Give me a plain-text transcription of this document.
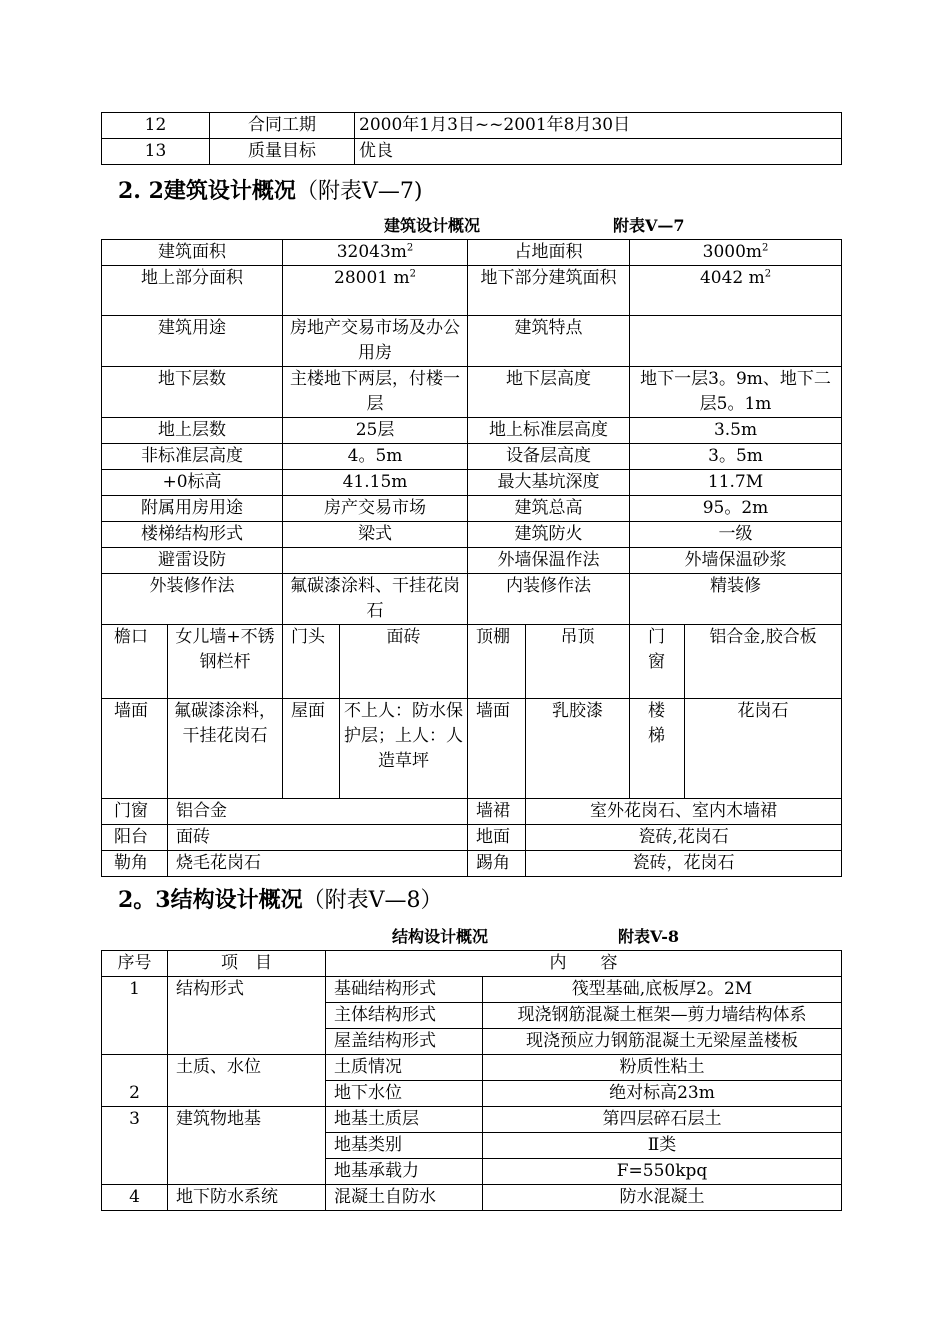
12	合同工期	2000年1月3日~~2001年8月30日
13	质量目标	优良
2. 2建筑设计概况（附表V—7)
建筑设计概况	附表V—7
建筑面积		$32043m^2$		占地面积		$3000m^2$
地上部分面积		28001 $m^2$		地下部分建筑面积		4042 $m^2$
建筑用途		房地产交易市场及办公用房		建筑特点			
地下层数		主楼地下两层，付楼一层		地下层高度		地下一层3。9m、地下二层5。1m	
地上层数		25层		地上标准层高度		3.5m	
非标准层高度		4。5m		设备层高度		3。5m	
+0标高		41.15m		最大基坑深度		11.7M	
附属用房用途		房产交易市场		建筑总高		95。2m	
楼梯结构形式		梁式		建筑防火		一级	
避雷设防				外墙保温作法		外墙保温砂浆	
外装修作法		氟碳漆涂料、干挂花岗石		内装修作法		精装修	
檐口	女儿墙+不锈钢栏杆	门头	面砖	顶棚	吊顶	门窗	铝合金,胶合板
墙面	氟碳漆涂料，干挂花岗石	屋面	不上人：防水保护层；上人：人造草坪	墙面	乳胶漆	楼梯	花岗石
门窗	铝合金			墙裙	室外花岗石、室内木墙裙		
阳台	面砖			地面	瓷砖,花岗石		
勒角	烧毛花岗石			踢角	瓷砖，花岗石		
2。3结构设计概况（附表V—8）
结构设计概况	附表V-8
序号	项　目	内　　容	
1	结构形式	基础结构形式	筏型基础,底板厚2。2M
		主体结构形式	现浇钢筋混凝土框架—剪力墙结构体系
		屋盖结构形式	现浇预应力钢筋混凝土无梁屋盖楼板
2	土质、水位	土质情况	粉质性粘土
		地下水位	绝对标高23m
3	建筑物地基	地基土质层	第四层碎石层土
		地基类别	Ⅱ类
		地基承载力	F=550kpq
4	地下防水系统	混凝土自防水	防水混凝土
